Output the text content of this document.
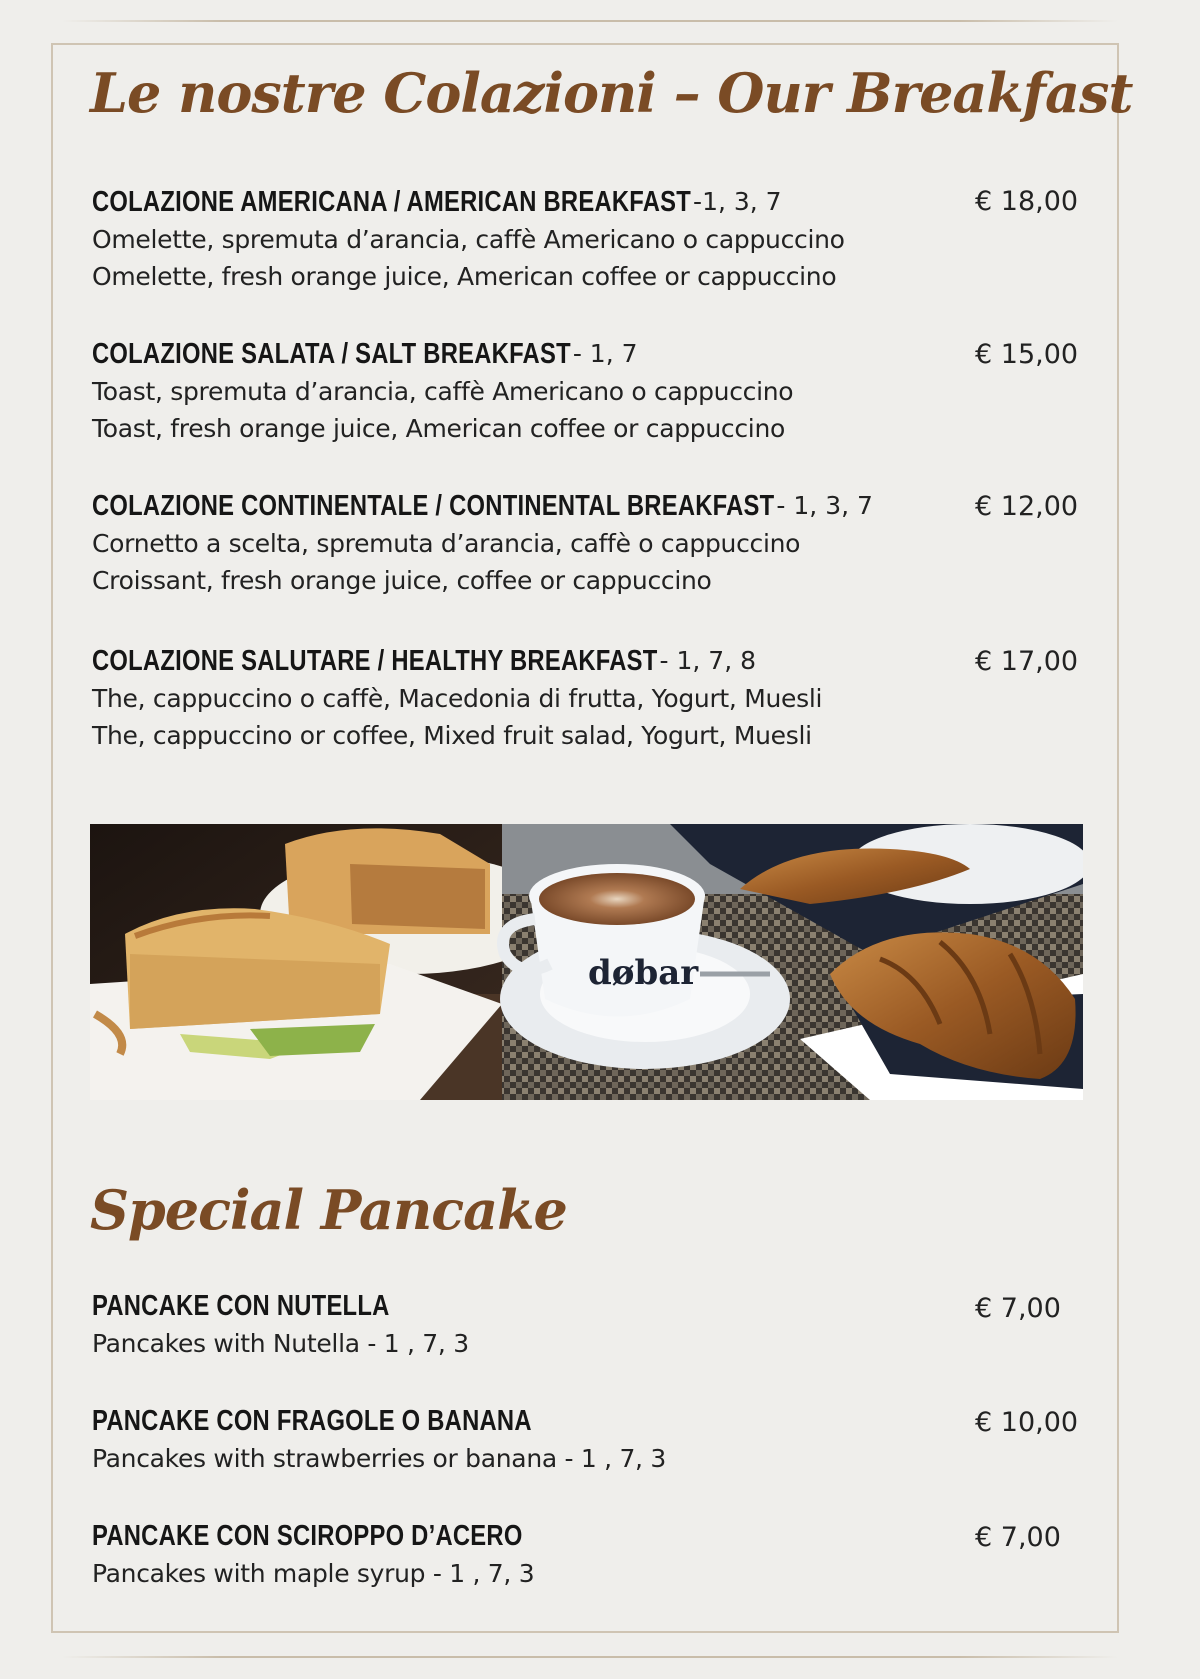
Le nostre Colazioni – Our Breakfast
COLAZIONE AMERICANA / AMERICAN BREAKFAST -1, 3, 7
Omelette, spremuta d’arancia, caffè Americano o cappuccino
Omelette, fresh orange juice, American coffee or cappuccino
€ 18,00
COLAZIONE SALATA / SALT BREAKFAST - 1, 7
Toast, spremuta d’arancia, caffè Americano o cappuccino
Toast, fresh orange juice, American coffee or cappuccino
€ 15,00
COLAZIONE CONTINENTALE / CONTINENTAL BREAKFAST - 1, 3, 7
Cornetto a scelta, spremuta d’arancia, caffè o cappuccino
Croissant, fresh orange juice, coffee or cappuccino
€ 12,00
COLAZIONE SALUTARE / HEALTHY BREAKFAST - 1, 7, 8
The, cappuccino o caffè, Macedonia di frutta, Yogurt, Muesli
The, cappuccino or coffee, Mixed fruit salad, Yogurt, Muesli
€ 17,00
døbar
Special Pancake
PANCAKE CON NUTELLA
Pancakes with Nutella - 1 , 7, 3
€ 7,00
PANCAKE CON FRAGOLE O BANANA
Pancakes with strawberries or banana - 1 , 7, 3
€ 10,00
PANCAKE CON SCIROPPO D’ACERO
Pancakes with maple syrup - 1 , 7, 3
€ 7,00
